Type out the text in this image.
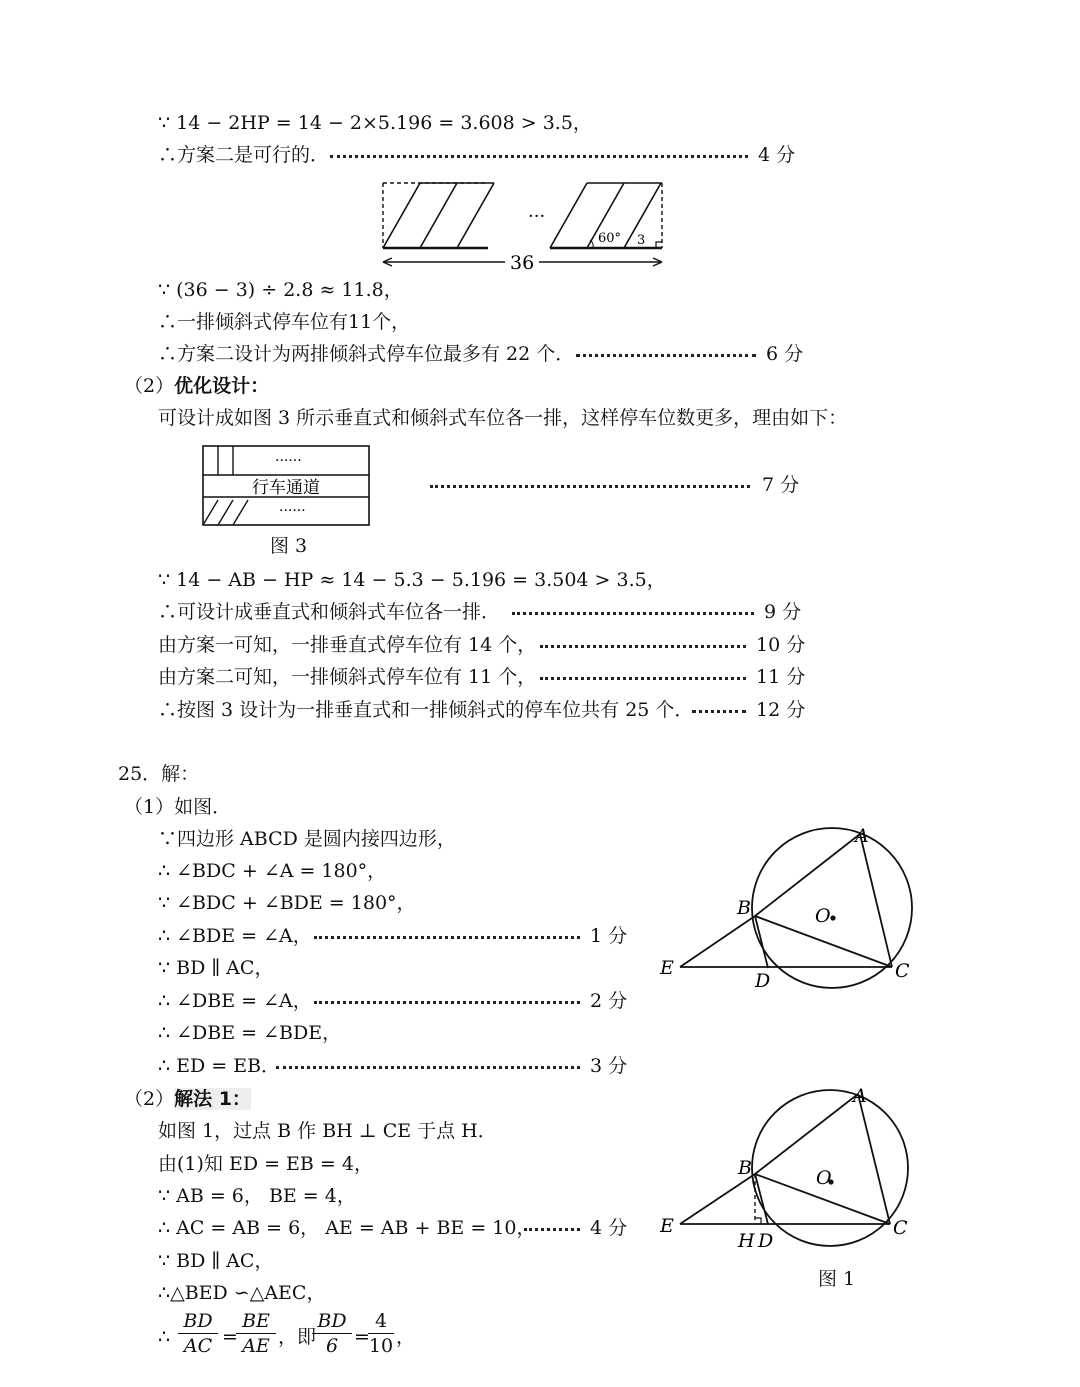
∵ 14 − 2HP = 14 − 2×5.196 = 3.608 > 3.5，
∴方案二是可行的．	4 分
···
60° 3
36
∵ (36 − 3) ÷ 2.8 ≈ 11.8，
∴一排倾斜式停车位有11个，
∴方案二设计为两排倾斜式停车位最多有 22 个．	6 分
（2）优化设计：
可设计成如图 3 所示垂直式和倾斜式车位各一排，这样停车位数更多，理由如下：
······
行车通道
······
7 分
图 3
∵ 14 − AB − HP ≈ 14 − 5.3 − 5.196 = 3.504 > 3.5，
∴可设计成垂直式和倾斜式车位各一排．	9 分
由方案一可知，一排垂直式停车位有 14 个，	10 分
由方案二可知，一排倾斜式停车位有 11 个，	11 分
∴按图 3 设计为一排垂直式和一排倾斜式的停车位共有 25 个．	12 分
25．解：
（1）如图．
∵四边形 ABCD 是圆内接四边形，
∴ ∠BDC + ∠A = 180°，
∵ ∠BDC + ∠BDE = 180°，
∴ ∠BDE = ∠A，	1 分
∵ BD ∥ AC，
∴ ∠DBE = ∠A，	2 分
∴ ∠DBE = ∠BDE，
∴ ED = EB．	3 分
（2）解法 1：
如图 1，过点 B 作 BH ⊥ CE 于点 H．
由(1)知 ED = EB = 4，
∵ AB = 6， BE = 4，
∴ AC = AB = 6， AE = AB + BE = 10，	4 分
∵ BD ∥ AC，
∴△BED ∽△AEC，
∴ $\frac{BD}{AC}$ =
$\frac{BE}{AE}$ ，即
$\frac{BD}{6}$ =
$\frac{4}{10}$ ，
A
B	O
E
D	C
A
B	O
E
H D
C
图 1
